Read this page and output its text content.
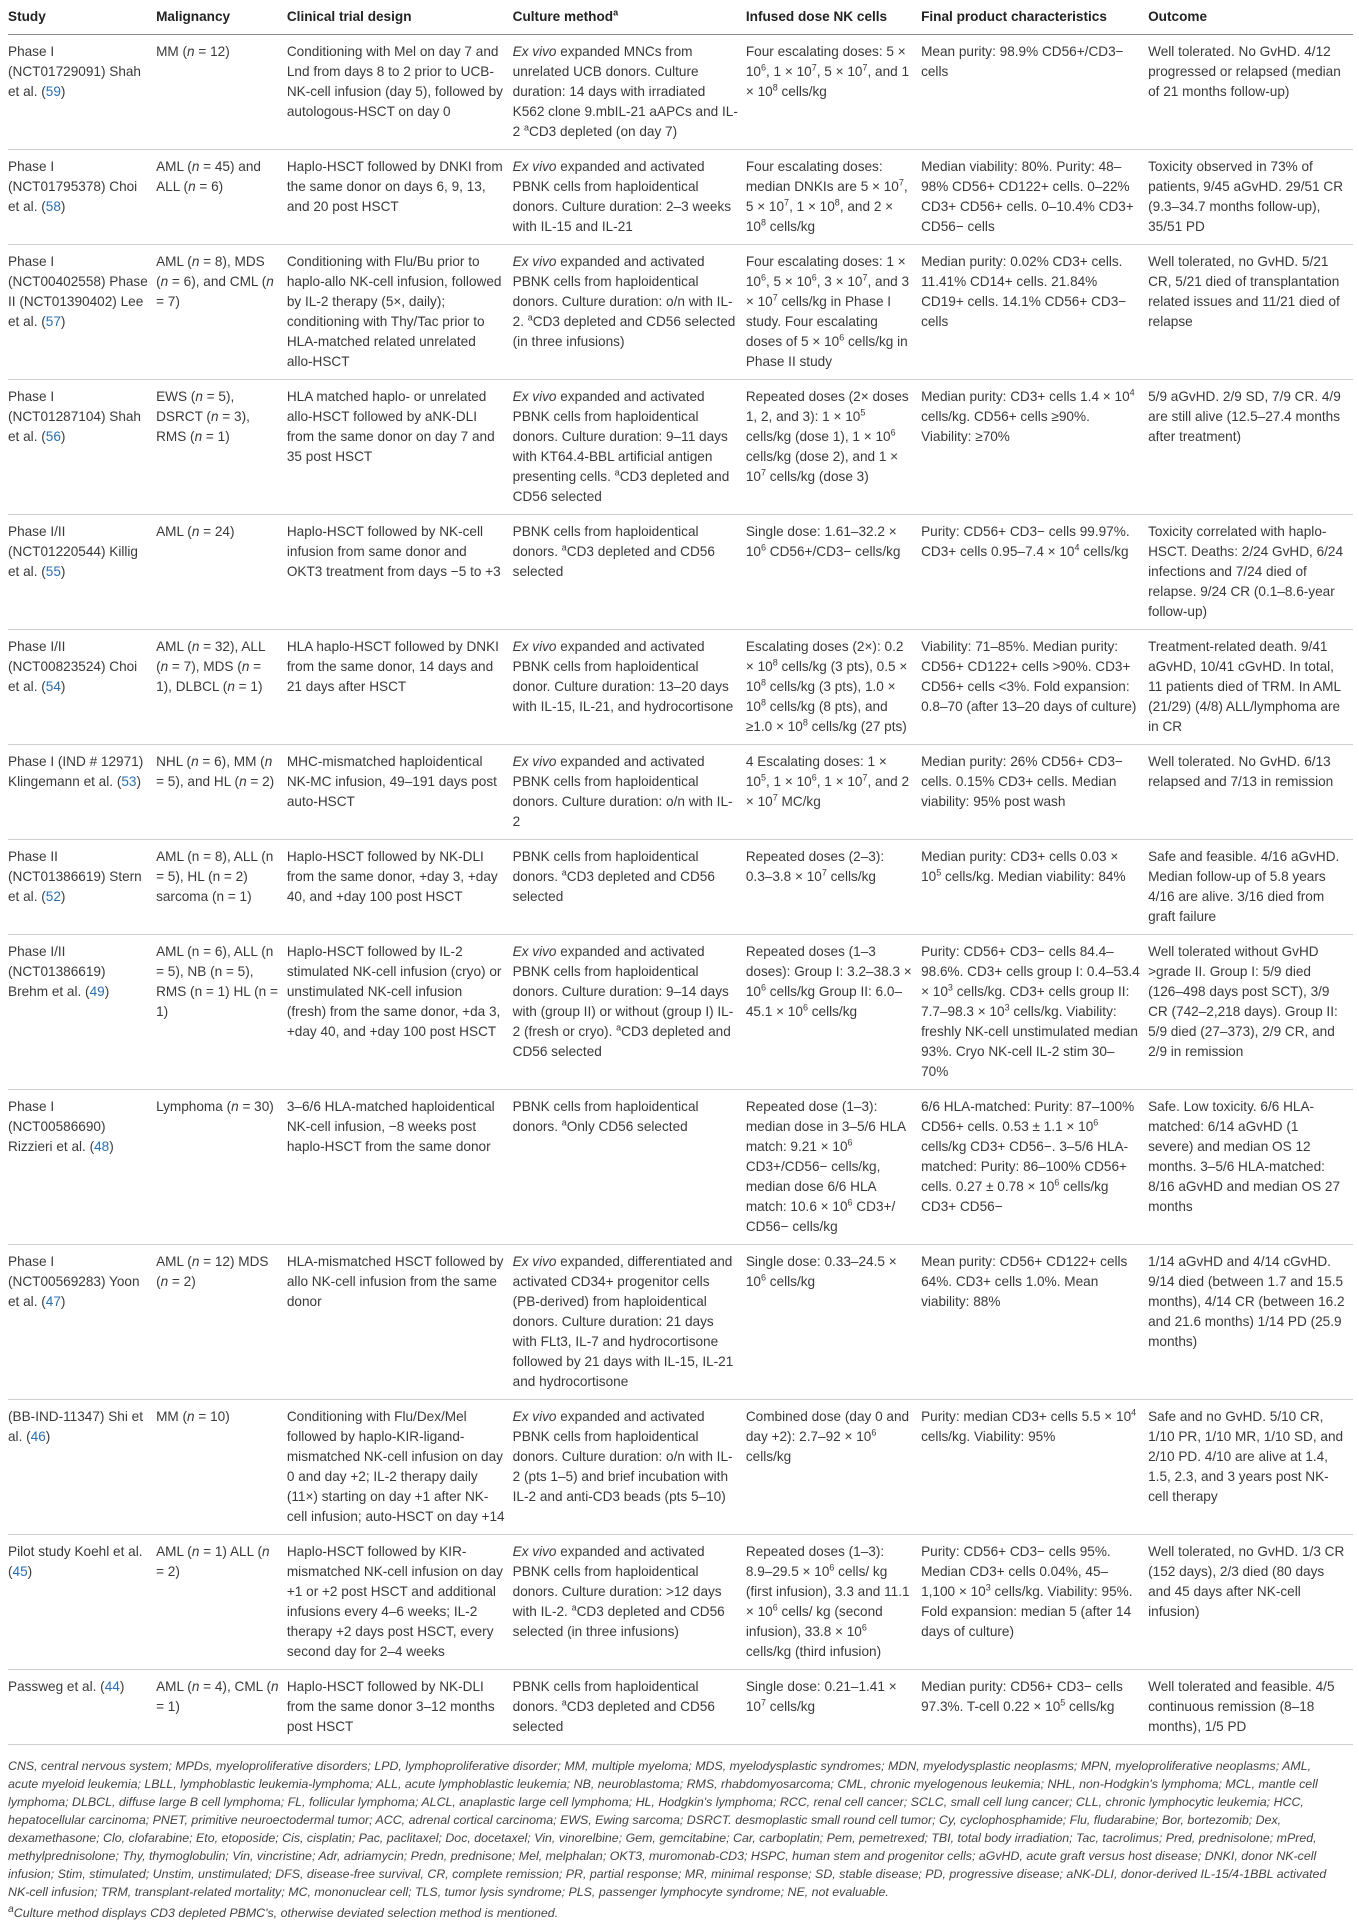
Study	Malignancy	Clinical trial design	Culture method$^a$	Infused dose NK cells	Final product characteristics	Outcome
Phase I (NCT01729091) Shah et al. (59)	MM (n = 12)	Conditioning with Mel on day 7 and Lnd from days 8 to 2 prior to UCB-NK-cell infusion (day 5), followed by autologous-HSCT on day 0	Ex vivo expanded MNCs from unrelated UCB donors. Culture duration: 14 days with irradiated K562 clone 9.mbIL-21 aAPCs and IL-2 $^a$CD3 depleted (on day 7)	Four escalating doses: $5 \times 10^6$, $1 \times 10^7$, $5 \times 10^7$, and $1 \times 10^8$ cells/kg	Mean purity: 98.9% CD56+/CD3− cells	Well tolerated. No GvHD. 4/12 progressed or relapsed (median of 21 months follow-up)
Phase I (NCT01795378) Choi et al. (58)	AML (n = 45) and ALL (n = 6)	Haplo-HSCT followed by DNKI from the same donor on days 6, 9, 13, and 20 post HSCT	Ex vivo expanded and activated PBNK cells from haploidentical donors. Culture duration: 2–3 weeks with IL-15 and IL-21	Four escalating doses: median DNKIs are $5 \times 10^7$, $5 \times 10^7$, $1 \times 10^8$, and $2 \times 10^8$ cells/kg	Median viability: 80%. Purity: 48–98% CD56+ CD122+ cells. 0–22% CD3+ CD56+ cells. 0–10.4% CD3+ CD56− cells	Toxicity observed in 73% of patients, 9/45 aGvHD. 29/51 CR (9.3–34.7 months follow-up), 35/51 PD
Phase I (NCT00402558) Phase II (NCT01390402) Lee et al. (57)	AML (n = 8), MDS (n = 6), and CML (n = 7)	Conditioning with Flu/Bu prior to haplo-allo NK-cell infusion, followed by IL-2 therapy (5×, daily); conditioning with Thy/Tac prior to HLA-matched related unrelated allo-HSCT	Ex vivo expanded and activated PBNK cells from haploidentical donors. Culture duration: o/n with IL-2. $^a$CD3 depleted and CD56 selected (in three infusions)	Four escalating doses: $1 \times 10^6$, $5 \times 10^6$, $3 \times 10^7$, and $3 \times 10^7$ cells/kg in Phase I study. Four escalating doses of $5 \times 10^6$ cells/kg in Phase II study	Median purity: 0.02% CD3+ cells. 11.41% CD14+ cells. 21.84% CD19+ cells. 14.1% CD56+ CD3− cells	Well tolerated, no GvHD. 5/21 CR, 5/21 died of transplantation related issues and 11/21 died of relapse
Phase I (NCT01287104) Shah et al. (56)	EWS (n = 5), DSRCT (n = 3), RMS (n = 1)	HLA matched haplo- or unrelated allo-HSCT followed by aNK-DLI from the same donor on day 7 and 35 post HSCT	Ex vivo expanded and activated PBNK cells from haploidentical donors. Culture duration: 9–11 days with KT64.4-BBL artificial antigen presenting cells. $^a$CD3 depleted and CD56 selected	Repeated doses (2× doses 1, 2, and 3): $1 \times 10^5$ cells/kg (dose 1), $1 \times 10^6$ cells/kg (dose 2), and $1 \times 10^7$ cells/kg (dose 3)	Median purity: CD3+ cells $1.4 \times 10^4$ cells/kg. CD56+ cells ≥90%. Viability: ≥70%	5/9 aGvHD. 2/9 SD, 7/9 CR. 4/9 are still alive (12.5–27.4 months after treatment)
Phase I/II (NCT01220544) Killig et al. (55)	AML (n = 24)	Haplo-HSCT followed by NK-cell infusion from same donor and OKT3 treatment from days −5 to +3	PBNK cells from haploidentical donors. $^a$CD3 depleted and CD56 selected	Single dose: $1.61-32.2 \times 10^6$ CD56+/CD3− cells/kg	Purity: CD56+ CD3− cells 99.97%. CD3+ cells $0.95-7.4 \times 10^4$ cells/kg	Toxicity correlated with haplo-HSCT. Deaths: 2/24 GvHD, 6/24 infections and 7/24 died of relapse. 9/24 CR (0.1–8.6-year follow-up)
Phase I/II (NCT00823524) Choi et al. (54)	AML (n = 32), ALL (n = 7), MDS (n = 1), DLBCL (n = 1)	HLA haplo-HSCT followed by DNKI from the same donor, 14 days and 21 days after HSCT	Ex vivo expanded and activated PBNK cells from haploidentical donor. Culture duration: 13–20 days with IL-15, IL-21, and hydrocortisone	Escalating doses (2×): $0.2 \times 10^8$ cells/kg (3 pts), $0.5 \times 10^8$ cells/kg (3 pts), $1.0 \times 10^8$ cells/kg (8 pts), and $\ge 1.0 \times 10^8$ cells/kg (27 pts)	Viability: 71–85%. Median purity: CD56+ CD122+ cells >90%. CD3+ CD56+ cells <3%. Fold expansion: 0.8–70 (after 13–20 days of culture)	Treatment-related death. 9/41 aGvHD, 10/41 cGvHD. In total, 11 patients died of TRM. In AML (21/29) (4/8) ALL/lymphoma are in CR
Phase I (IND # 12971) Klingemann et al. (53)	NHL (n = 6), MM (n = 5), and HL (n = 2)	MHC-mismatched haploidentical NK-MC infusion, 49–191 days post auto-HSCT	Ex vivo expanded and activated PBNK cells from haploidentical donors. Culture duration: o/n with IL-2	4 Escalating doses: $1 \times 10^5$, $1 \times 10^6$, $1 \times 10^7$, and $2 \times 10^7$ MC/kg	Median purity: 26% CD56+ CD3− cells. 0.15% CD3+ cells. Median viability: 95% post wash	Well tolerated. No GvHD. 6/13 relapsed and 7/13 in remission
Phase II (NCT01386619) Stern et al. (52)	AML (n = 8), ALL (n = 5), HL (n = 2) sarcoma (n = 1)	Haplo-HSCT followed by NK-DLI from the same donor, +day 3, +day 40, and +day 100 post HSCT	PBNK cells from haploidentical donors. $^a$CD3 depleted and CD56 selected	Repeated doses (2–3): $0.3-3.8 \times 10^7$ cells/kg	Median purity: CD3+ cells $0.03 \times 10^5$ cells/kg. Median viability: 84%	Safe and feasible. 4/16 aGvHD. Median follow-up of 5.8 years 4/16 are alive. 3/16 died from graft failure
Phase I/II (NCT01386619) Brehm et al. (49)	AML (n = 6), ALL (n = 5), NB (n = 5), RMS (n = 1) HL (n = 1)	Haplo-HSCT followed by IL-2 stimulated NK-cell infusion (cryo) or unstimulated NK-cell infusion (fresh) from the same donor, +da 3, +day 40, and +day 100 post HSCT	Ex vivo expanded and activated PBNK cells from haploidentical donors. Culture duration: 9–14 days with (group II) or without (group I) IL-2 (fresh or cryo). $^a$CD3 depleted and CD56 selected	Repeated doses (1–3 doses): Group I: $3.2-38.3 \times 10^6$ cells/kg Group II: $6.0-45.1 \times 10^6$ cells/kg	Purity: CD56+ CD3− cells 84.4–98.6%. CD3+ cells group I: $0.4-53.4 \times 10^3$ cells/kg. CD3+ cells group II: $7.7-98.3 \times 10^3$ cells/kg. Viability: freshly NK-cell unstimulated median 93%. Cryo NK-cell IL-2 stim 30–70%	Well tolerated without GvHD >grade II. Group I: 5/9 died (126–498 days post SCT), 3/9 CR (742–2,218 days). Group II: 5/9 died (27–373), 2/9 CR, and 2/9 in remission
Phase I (NCT00586690) Rizzieri et al. (48)	Lymphoma (n = 30)	3–6/6 HLA-matched haploidentical NK-cell infusion, −8 weeks post haplo-HSCT from the same donor	PBNK cells from haploidentical donors. $^a$Only CD56 selected	Repeated dose (1–3): median dose in 3–5/6 HLA match: $9.21 \times 10^6$ CD3+/CD56− cells/kg, median dose 6/6 HLA match: $10.6 \times 10^6$ CD3+/ CD56− cells/kg	6/6 HLA-matched: Purity: 87–100% CD56+ cells. $0.53 \pm 1.1 \times 10^6$ cells/kg CD3+ CD56−. 3–5/6 HLA-matched: Purity: 86–100% CD56+ cells. $0.27 \pm 0.78 \times 10^6$ cells/kg CD3+ CD56−	Safe. Low toxicity. 6/6 HLA-matched: 6/14 aGvHD (1 severe) and median OS 12 months. 3–5/6 HLA-matched: 8/16 aGvHD and median OS 27 months
Phase I (NCT00569283) Yoon et al. (47)	AML (n = 12) MDS (n = 2)	HLA-mismatched HSCT followed by allo NK-cell infusion from the same donor	Ex vivo expanded, differentiated and activated CD34+ progenitor cells (PB-derived) from haploidentical donors. Culture duration: 21 days with FLt3, IL-7 and hydrocortisone followed by 21 days with IL-15, IL-21 and hydrocortisone	Single dose: $0.33-24.5 \times 10^6$ cells/kg	Mean purity: CD56+ CD122+ cells 64%. CD3+ cells 1.0%. Mean viability: 88%	1/14 aGvHD and 4/14 cGvHD. 9/14 died (between 1.7 and 15.5 months), 4/14 CR (between 16.2 and 21.6 months) 1/14 PD (25.9 months)
(BB-IND-11347) Shi et al. (46)	MM (n = 10)	Conditioning with Flu/Dex/Mel followed by haplo-KIR-ligand-mismatched NK-cell infusion on day 0 and day +2; IL-2 therapy daily (11×) starting on day +1 after NK-cell infusion; auto-HSCT on day +14	Ex vivo expanded and activated PBNK cells from haploidentical donors. Culture duration: o/n with IL-2 (pts 1–5) and brief incubation with IL-2 and anti-CD3 beads (pts 5–10)	Combined dose (day 0 and day +2): $2.7-92 \times 10^6$ cells/kg	Purity: median CD3+ cells $5.5 \times 10^4$ cells/kg. Viability: 95%	Safe and no GvHD. 5/10 CR, 1/10 PR, 1/10 MR, 1/10 SD, and 2/10 PD. 4/10 are alive at 1.4, 1.5, 2.3, and 3 years post NK-cell therapy
Pilot study Koehl et al. (45)	AML (n = 1) ALL (n = 2)	Haplo-HSCT followed by KIR-mismatched NK-cell infusion on day +1 or +2 post HSCT and additional infusions every 4–6 weeks; IL-2 therapy +2 days post HSCT, every second day for 2–4 weeks	Ex vivo expanded and activated PBNK cells from haploidentical donors. Culture duration: >12 days with IL-2. $^a$CD3 depleted and CD56 selected (in three infusions)	Repeated doses (1–3): $8.9-29.5 \times 10^6$ cells/ kg (first infusion), 3.3 and $11.1 \times 10^6$ cells/ kg (second infusion), $33.8 \times 10^6$ cells/kg (third infusion)	Purity: CD56+ CD3− cells 95%. Median CD3+ cells 0.04%, $45-1,100 \times 10^3$ cells/kg. Viability: 95%. Fold expansion: median 5 (after 14 days of culture)	Well tolerated, no GvHD. 1/3 CR (152 days), 2/3 died (80 days and 45 days after NK-cell infusion)
Passweg et al. (44)	AML (n = 4), CML (n = 1)	Haplo-HSCT followed by NK-DLI from the same donor 3–12 months post HSCT	PBNK cells from haploidentical donors. $^a$CD3 depleted and CD56 selected	Single dose: $0.21-1.41 \times 10^7$ cells/kg	Median purity: CD56+ CD3− cells 97.3%. T-cell $0.22 \times 10^5$ cells/kg	Well tolerated and feasible. 4/5 continuous remission (8–18 months), 1/5 PD

CNS, central nervous system; MPDs, myeloproliferative disorders; LPD, lymphoproliferative disorder; MM, multiple myeloma; MDS, myelodysplastic syndromes; MDN, myelodysplastic neoplasms; MPN, myeloproliferative neoplasms; AML, acute myeloid leukemia; LBLL, lymphoblastic leukemia-lymphoma; ALL, acute lymphoblastic leukemia; NB, neuroblastoma; RMS, rhabdomyosarcoma; CML, chronic myelogenous leukemia; NHL, non-Hodgkin's lymphoma; MCL, mantle cell lymphoma; DLBCL, diffuse large B cell lymphoma; FL, follicular lymphoma; ALCL, anaplastic large cell lymphoma; HL, Hodgkin's lymphoma; RCC, renal cell cancer; SCLC, small cell lung cancer; CLL, chronic lymphocytic leukemia; HCC, hepatocellular carcinoma; PNET, primitive neuroectodermal tumor; ACC, adrenal cortical carcinoma; EWS, Ewing sarcoma; DSRCT. desmoplastic small round cell tumor; Cy, cyclophosphamide; Flu, fludarabine; Bor, bortezomib; Dex, dexamethasone; Clo, clofarabine; Eto, etoposide; Cis, cisplatin; Pac, paclitaxel; Doc, docetaxel; Vin, vinorelbine; Gem, gemcitabine; Car, carboplatin; Pem, pemetrexed; TBI, total body irradiation; Tac, tacrolimus; Pred, prednisolone; mPred, methylprednisolone; Thy, thymoglobulin; Vin, vincristine; Adr, adriamycin; Predn, prednisone; Mel, melphalan; OKT3, muromonab-CD3; HSPC, human stem and progenitor cells; aGvHD, acute graft versus host disease; DNKI, donor NK-cell infusion; Stim, stimulated; Unstim, unstimulated; DFS, disease-free survival, CR, complete remission; PR, partial response; MR, minimal response; SD, stable disease; PD, progressive disease; aNK-DLI, donor-derived IL-15/4-1BBL activated NK-cell infusion; TRM, transplant-related mortality; MC, mononuclear cell; TLS, tumor lysis syndrome; PLS, passenger lymphocyte syndrome; NE, not evaluable.

$^a$Culture method displays CD3 depleted PBMC's, otherwise deviated selection method is mentioned.
